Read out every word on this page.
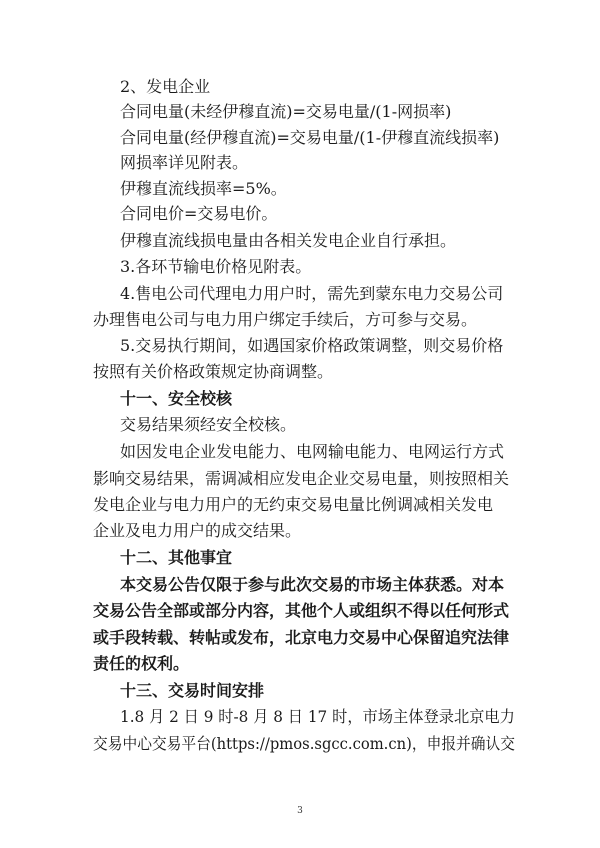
2、发电企业
合同电量(未经伊穆直流)=交易电量/(1-网损率)
合同电量(经伊穆直流)=交易电量/(1-伊穆直流线损率)
网损率详见附表。
伊穆直流线损率=5%。
合同电价=交易电价。
伊穆直流线损电量由各相关发电企业自行承担。
3.各环节输电价格见附表。
4.售电公司代理电力用户时，需先到蒙东电力交易公司
办理售电公司与电力用户绑定手续后，方可参与交易。
5.交易执行期间，如遇国家价格政策调整，则交易价格
按照有关价格政策规定协商调整。
十一、安全校核
交易结果须经安全校核。
如因发电企业发电能力、电网输电能力、电网运行方式
影响交易结果，需调减相应发电企业交易电量，则按照相关
发电企业与电力用户的无约束交易电量比例调减相关发电
企业及电力用户的成交结果。
十二、其他事宜
本交易公告仅限于参与此次交易的市场主体获悉。对本
交易公告全部或部分内容，其他个人或组织不得以任何形式
或手段转载、转帖或发布，北京电力交易中心保留追究法律
责任的权利。
十三、交易时间安排
1.8 月 2 日 9 时-8 月 8 日 17 时，市场主体登录北京电力
交易中心交易平台(https://pmos.sgcc.com.cn)，申报并确认交
3
